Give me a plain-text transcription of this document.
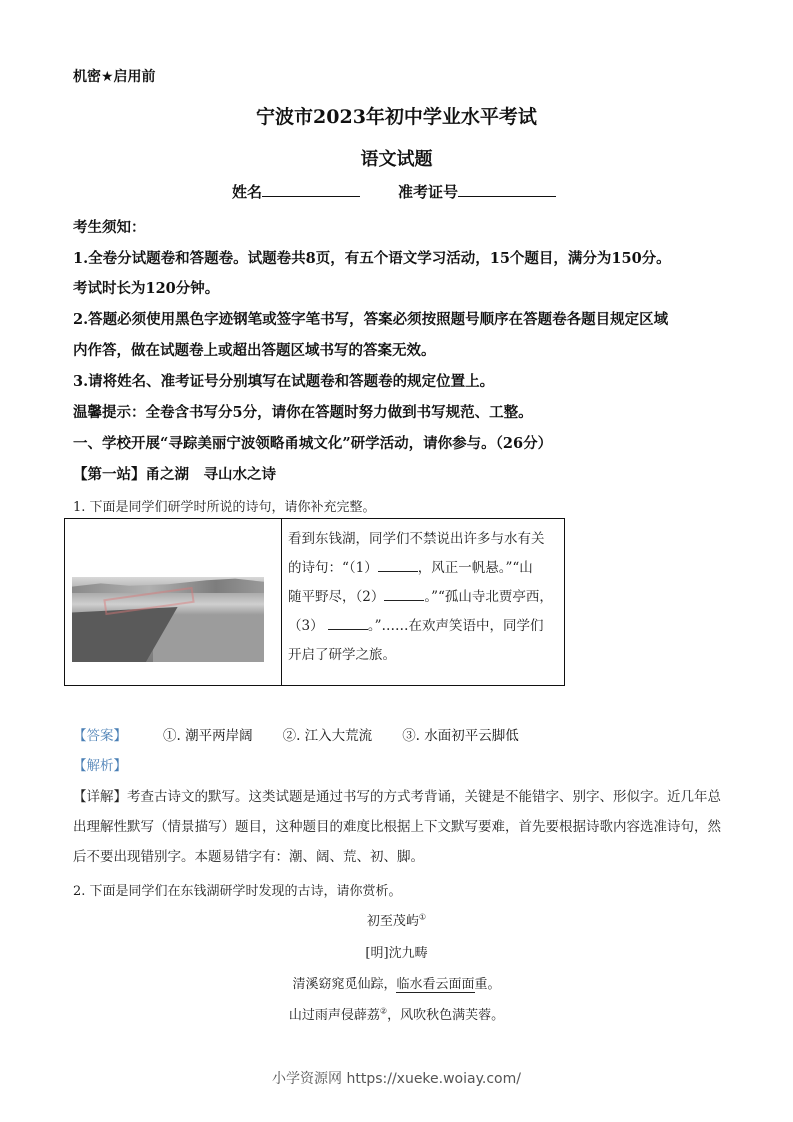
机密★启用前
宁波市2023年初中学业水平考试
语文试题
姓名	准考证号
考生须知：
1.全卷分试题卷和答题卷。试题卷共8页，有五个语文学习活动，15个题目，满分为150分。
考试时长为120分钟。
2.答题必须使用黑色字迹钢笔或签字笔书写，答案必须按照题号顺序在答题卷各题目规定区域
内作答，做在试题卷上或超出答题区域书写的答案无效。
3.请将姓名、准考证号分别填写在试题卷和答题卷的规定位置上。
温馨提示：全卷含书写分5分，请你在答题时努力做到书写规范、工整。
一、学校开展“寻踪美丽宁波领略甬城文化”研学活动，请你参与。（26分）
【第一站】甬之湖　寻山水之诗
1. 下面是同学们研学时所说的诗句，请你补充完整。
看到东钱湖，同学们不禁说出许多与水有关
的诗句：“（1）	，风正一帆悬。”“山
随平野尽，（2）	。”“孤山寺北贾亭西，
（3）	。”……在欢声笑语中，同学们
开启了研学之旅。
【答案】	①. 潮平两岸阔 ②. 江入大荒流 ③. 水面初平云脚低
【解析】
【详解】考查古诗文的默写。这类试题是通过书写的方式考背诵，关键是不能错字、别字、形似字。近几年总出理解性默写（情景描写）题目，这种题目的难度比根据上下文默写要难，首先要根据诗歌内容选准诗句，然后不要出现错别字。本题易错字有：潮、阔、荒、初、脚。
2. 下面是同学们在东钱湖研学时发现的古诗，请你赏析。
初至茂屿①
[明]沈九畴
清溪窈窕觅仙踪，临水看云面面重。
山过雨声侵薜荔②，风吹秋色满芙蓉。
小学资源网 https://xueke.woiay.com/
